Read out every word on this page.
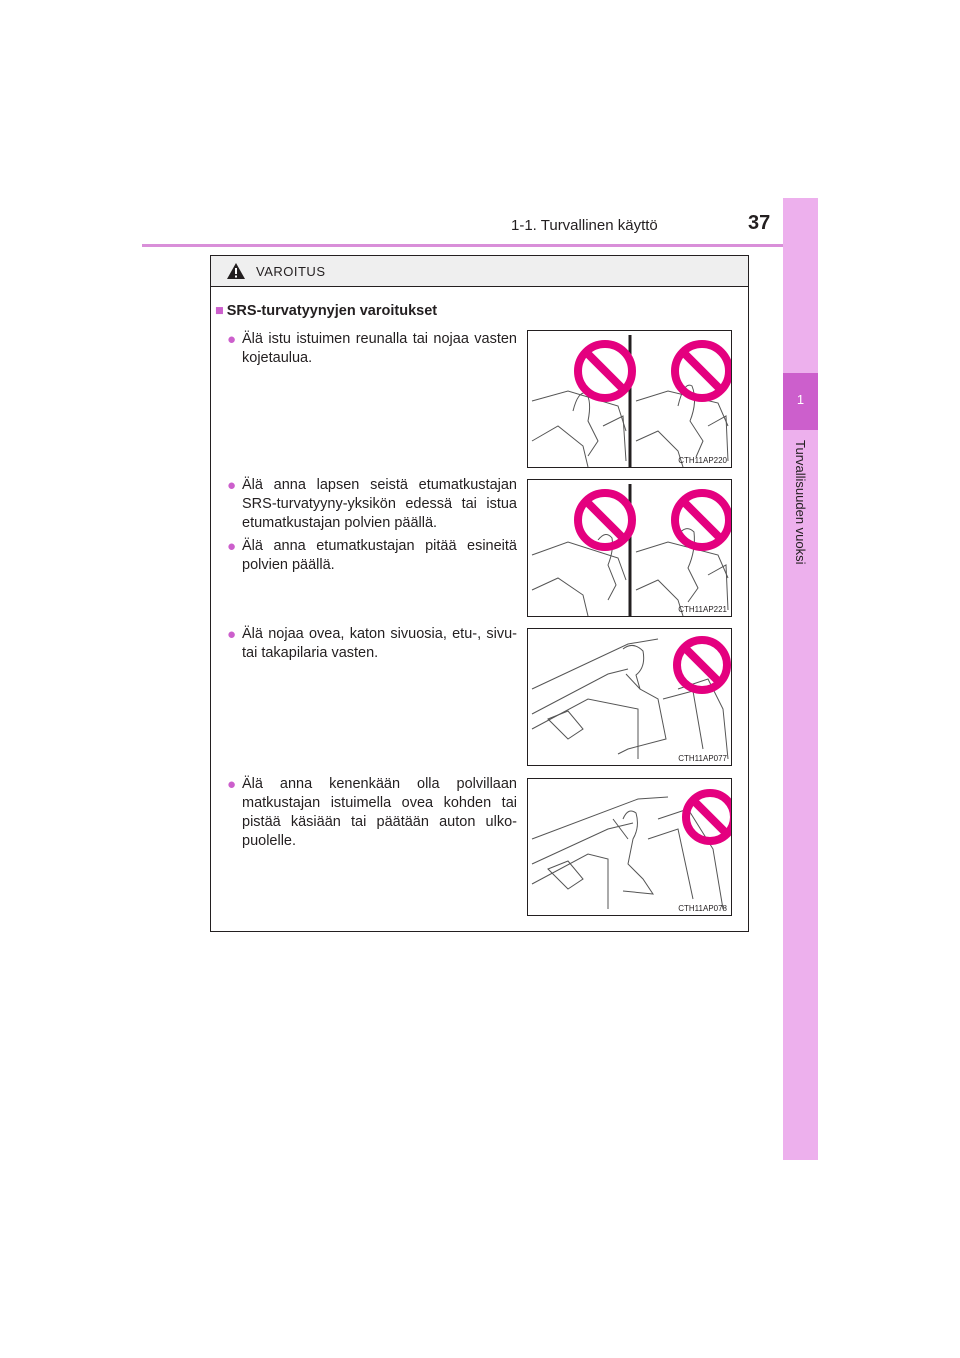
1-1. Turvallinen käyttö	37
1
Turvallisuuden vuoksi
VAROITUS
■ SRS-turvatyynyjen varoitukset
● Älä istu istuimen reunalla tai nojaa vasten kojetaulua.
● Älä anna lapsen seistä etumatkustajan SRS-turvatyyny-yksikön edessä tai istua etumatkustajan polvien päällä.
● Älä anna etumatkustajan pitää esineitä polvien päällä.
● Älä nojaa ovea, katon sivuosia, etu-, sivu- tai takapilaria vasten.
● Älä anna kenenkään olla polvillaan matkustajan istuimella ovea kohden tai pistää käsiään tai päätään auton ulko-puolelle.
CTH11AP220
CTH11AP221
CTH11AP077
CTH11AP078
